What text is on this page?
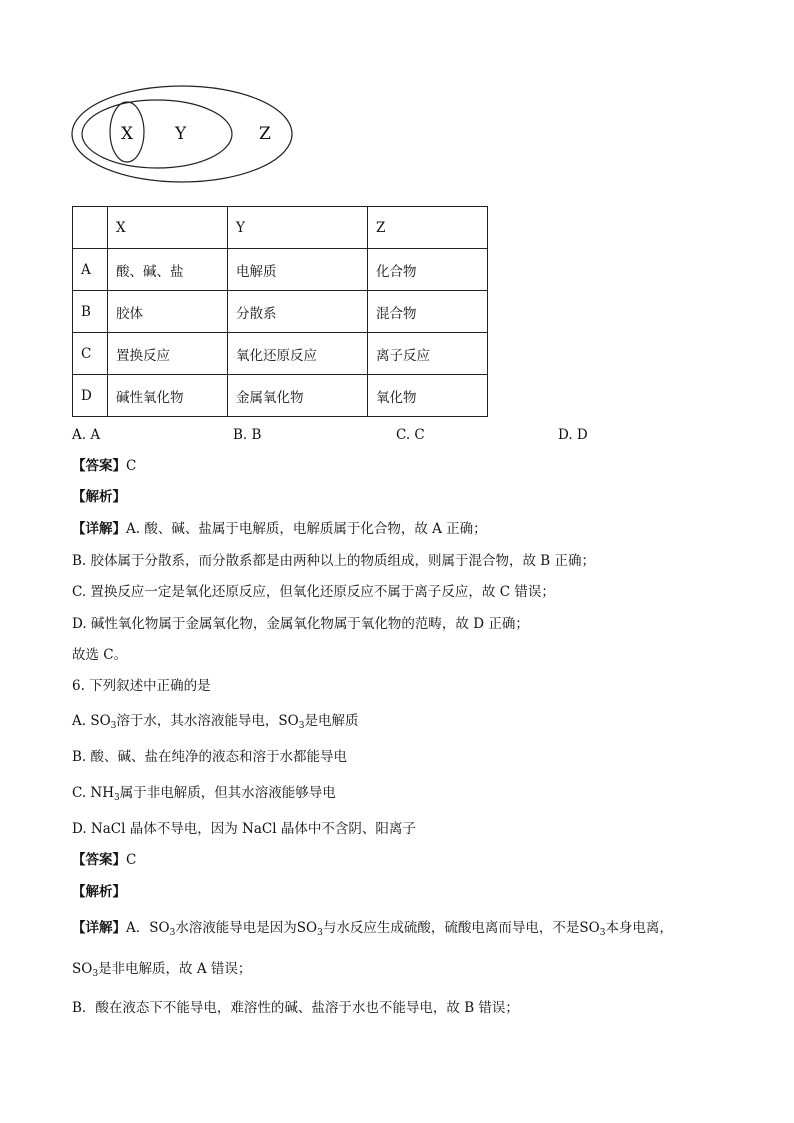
X Y	Z
	X	Y	Z
A	酸、碱、盐	电解质	化合物
B	胶体	分散系	混合物
C	置换反应	氧化还原反应	离子反应
D	碱性氧化物	金属氧化物	氧化物
A. A	B. B	C. C	D. D
【答案】C
【解析】
【详解】A. 酸、碱、盐属于电解质，电解质属于化合物，故 A 正确；
B. 胶体属于分散系，而分散系都是由两种以上的物质组成，则属于混合物，故 B 正确；
C. 置换反应一定是氧化还原反应，但氧化还原反应不属于离子反应，故 C 错误；
D. 碱性氧化物属于金属氧化物，金属氧化物属于氧化物的范畴，故 D 正确；
故选 C。
6. 下列叙述中正确的是
A. $SO_3$溶于水，其水溶液能导电，$SO_3$是电解质
B. 酸、碱、盐在纯净的液态和溶于水都能导电
C. $NH_3$属于非电解质，但其水溶液能够导电
D. NaCl 晶体不导电，因为 NaCl 晶体中不含阴、阳离子
【答案】C
【解析】
【详解】A．$SO_3$水溶液能导电是因为$SO_3$与水反应生成硫酸，硫酸电离而导电，不是$SO_3$本身电离，
$SO_3$是非电解质，故 A 错误；
B．酸在液态下不能导电，难溶性的碱、盐溶于水也不能导电，故 B 错误；
